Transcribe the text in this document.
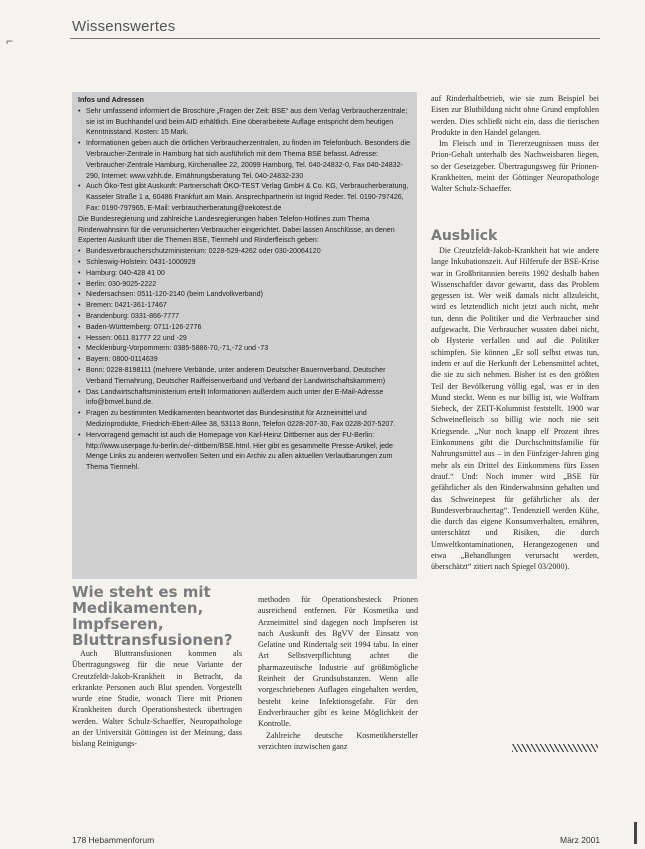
⌐
Wissenswertes
Infos und Adressen
• Sehr umfassend informiert die Broschüre „Fragen der Zeit: BSE“ aus dem Verlag Verbraucherzentrale; sie ist im Buchhandel und beim AID erhältlich. Eine überarbeitete Auflage entspricht dem heutigen Kenntnisstand. Kosten: 15 Mark.
• Informationen geben auch die örtlichen Verbraucherzentralen, zu finden im Telefonbuch. Besonders die Verbraucher-Zentrale in Hamburg hat sich ausführlich mit dem Thema BSE befasst. Adresse: Verbraucher-Zentrale Hamburg, Kirchenallee 22, 20099 Hamburg, Tel. 040-24832-0, Fax 040-24832-290, Internet: www.vzhh.de. Ernährungsberatung Tel. 040-24832-230
• Auch Öko-Test gibt Auskunft: Partnerschaft ÖKO-TEST Verlag GmbH & Co. KG, Verbraucherberatung, Kasseler Straße 1 a, 60486 Frankfurt am Main. Ansprechpartnerin ist Ingrid Reder. Tel. 0190-797426, Fax: 0190-797965, E-Mail: verbraucherberatung@oekotest.de

Die Bundesregierung und zahlreiche Landesregierungen haben Telefon-Hotlines zum Thema Rinderwahnsinn für die verunsicherten Verbraucher eingerichtet. Dabei lassen Anschlüsse, an denen Experten Auskunft über die Themen BSE, Tiermehl und Rinderfleisch geben:

• Bundesverbraucherschutzministerium: 0228-529-4262 oder 030-20064120
• Schleswig-Holstein: 0431-1000929
• Hamburg: 040-428 41 00
• Berlin: 030-9025-2222
• Niedersachsen: 0511-120-2140 (beim Landvolkverband)
• Bremen: 0421-361-17467
• Brandenburg: 0331-866-7777
• Baden-Württemberg: 0711-126-2776
• Hessen: 0611 81777 22 und -29
• Mecklenburg-Vorpommern: 0385-5886-70,-71,-72 und -73
• Bayern: 0800-0114639
• Bonn: 0228-8198111 (mehrere Verbände, unter anderem Deutscher Bauernverband, Deutscher Verband Tiernahrung, Deutscher Raiffeisenverband und Verband der Landwirtschaftskammern)
• Das Landwirtschaftsministerium erteilt Informationen außerdem auch unter der E-Mail-Adresse info@bmvel.bund.de.
• Fragen zu bestimmten Medikamenten beantwortet das Bundesinstitut für Arzneimittel und Medizinprodukte, Friedrich-Ebert-Allee 38, 53113 Bonn, Telefon 0228-207-30, Fax 0228-207-5207.
• Hervorragend gemacht ist auch die Homepage von Karl-Heinz Dittberner aus der FU-Berlin: http://www.userpage.fu-berlin.de/~dittbern/BSE.html. Hier gibt es gesammelte Presse-Artikel, jede Menge Links zu anderen wertvollen Seiten und ein Archiv zu allen aktuellen Verlautbarungen zum Thema Tiermehl.

auf Rinderhaltbetrieb, wie sie zum Beispiel bei Eisen zur Blutbildung nicht ohne Grund empfohlen werden. Dies schließt nicht ein, dass die tierischen Produkte in den Handel gelangen.

Im Fleisch und in Tiererzeugnissen muss der Prion-Gehalt unterhalb des Nachweisbaren liegen, so der Gesetzgeber. Übertragungsweg für Prionen-Krankheiten, meint der Göttinger Neuropathologe Walter Schulz-Schaeffer.

Ausblick

Die Creutzfeldt-Jakob-Krankheit hat wie andere lange Inkubationszeit. Auf Hilferufe der BSE-Krise war in Großbritannien bereits 1992 deshalb haben Wissenschaftler davor gewarnt, dass das Problem gegessen ist. Wer weiß damals nicht allzuleicht, wird es letztendlich nicht jetzt auch nicht, mehr tun, denn die Politiker und die Verbraucher sind aufgewacht. Die Verbraucher wussten dabei nicht, ob Hysterie verfallen und auf die Politiker schimpfen. Sie können „Er soll selbst etwas tun, indem er auf die Herkunft der Lebensmittel achtet, die sie zu sich nehmen. Bisher ist es den größten Teil der Bevölkerung völlig egal, was er in den Mund steckt. Wenn es nur billig ist, wie Wolfram Siebeck, der ZEIT-Kolumnist feststellt. 1900 war Schweinefleisch so billig wie noch nie seit Kriegsende. „Nur noch knapp elf Prozent ihres Einkommens gibt die Durchschnittsfamilie für Nahrungsmittel aus – in den Fünfziger-Jahren ging mehr als ein Drittel des Einkommens fürs Essen drauf.“ Und: Noch immer wird „BSE für gefährlicher als den Rinderwahnsinn gehalten und das Schweinepest für gefährlicher als der Bundesverbrauchertag“. Tendenziell werden Kühe, die durch das eigene Konsumverhalten, ernähren, unterschätzt und Risiken, die durch Umweltkontaminationen, Herangezogenen und etwa „Behandlungen verursacht werden, überschätzt“ zitiert nach Spiegel 03/2000).

Wie steht es mit Medikamenten, Impfseren, Bluttransfusionen?

Auch Bluttransfusionen kommen als Übertragungsweg für die neue Variante der Creutzfeldt-Jakob-Krankheit in Betracht, da erkrankte Personen auch Blut spenden. Vorgestellt wurde eine Studie, wonach Tiere mit Prionen Krankheiten durch Operationsbesteck übertragen werden. Walter Schulz-Schaeffer, Neuropathologe an der Universität Göttingen ist der Meinung, dass bislang Reinigungs-

methoden für Operationsbesteck Prionen ausreichend entfernen. Für Kosmetika und Arzneimittel sind dagegen noch Impfseren ist nach Auskunft des BgVV der Einsatz von Gelatine und Rindertalg seit 1994 tabu. In einer Art Selbstverpflichtung achtet die pharmazeutische Industrie auf größtmögliche Reinheit der Grundsubstanzen. Wenn alle vorgeschriebenen Auflagen eingehalten werden, besteht keine Infektionsgefahr. Für den Endverbraucher gibt es keine Möglichkeit der Kontrolle.

Zahlreiche deutsche Kosmetikhersteller verzichten inzwischen ganz

178 Hebammenforum	März 2001
